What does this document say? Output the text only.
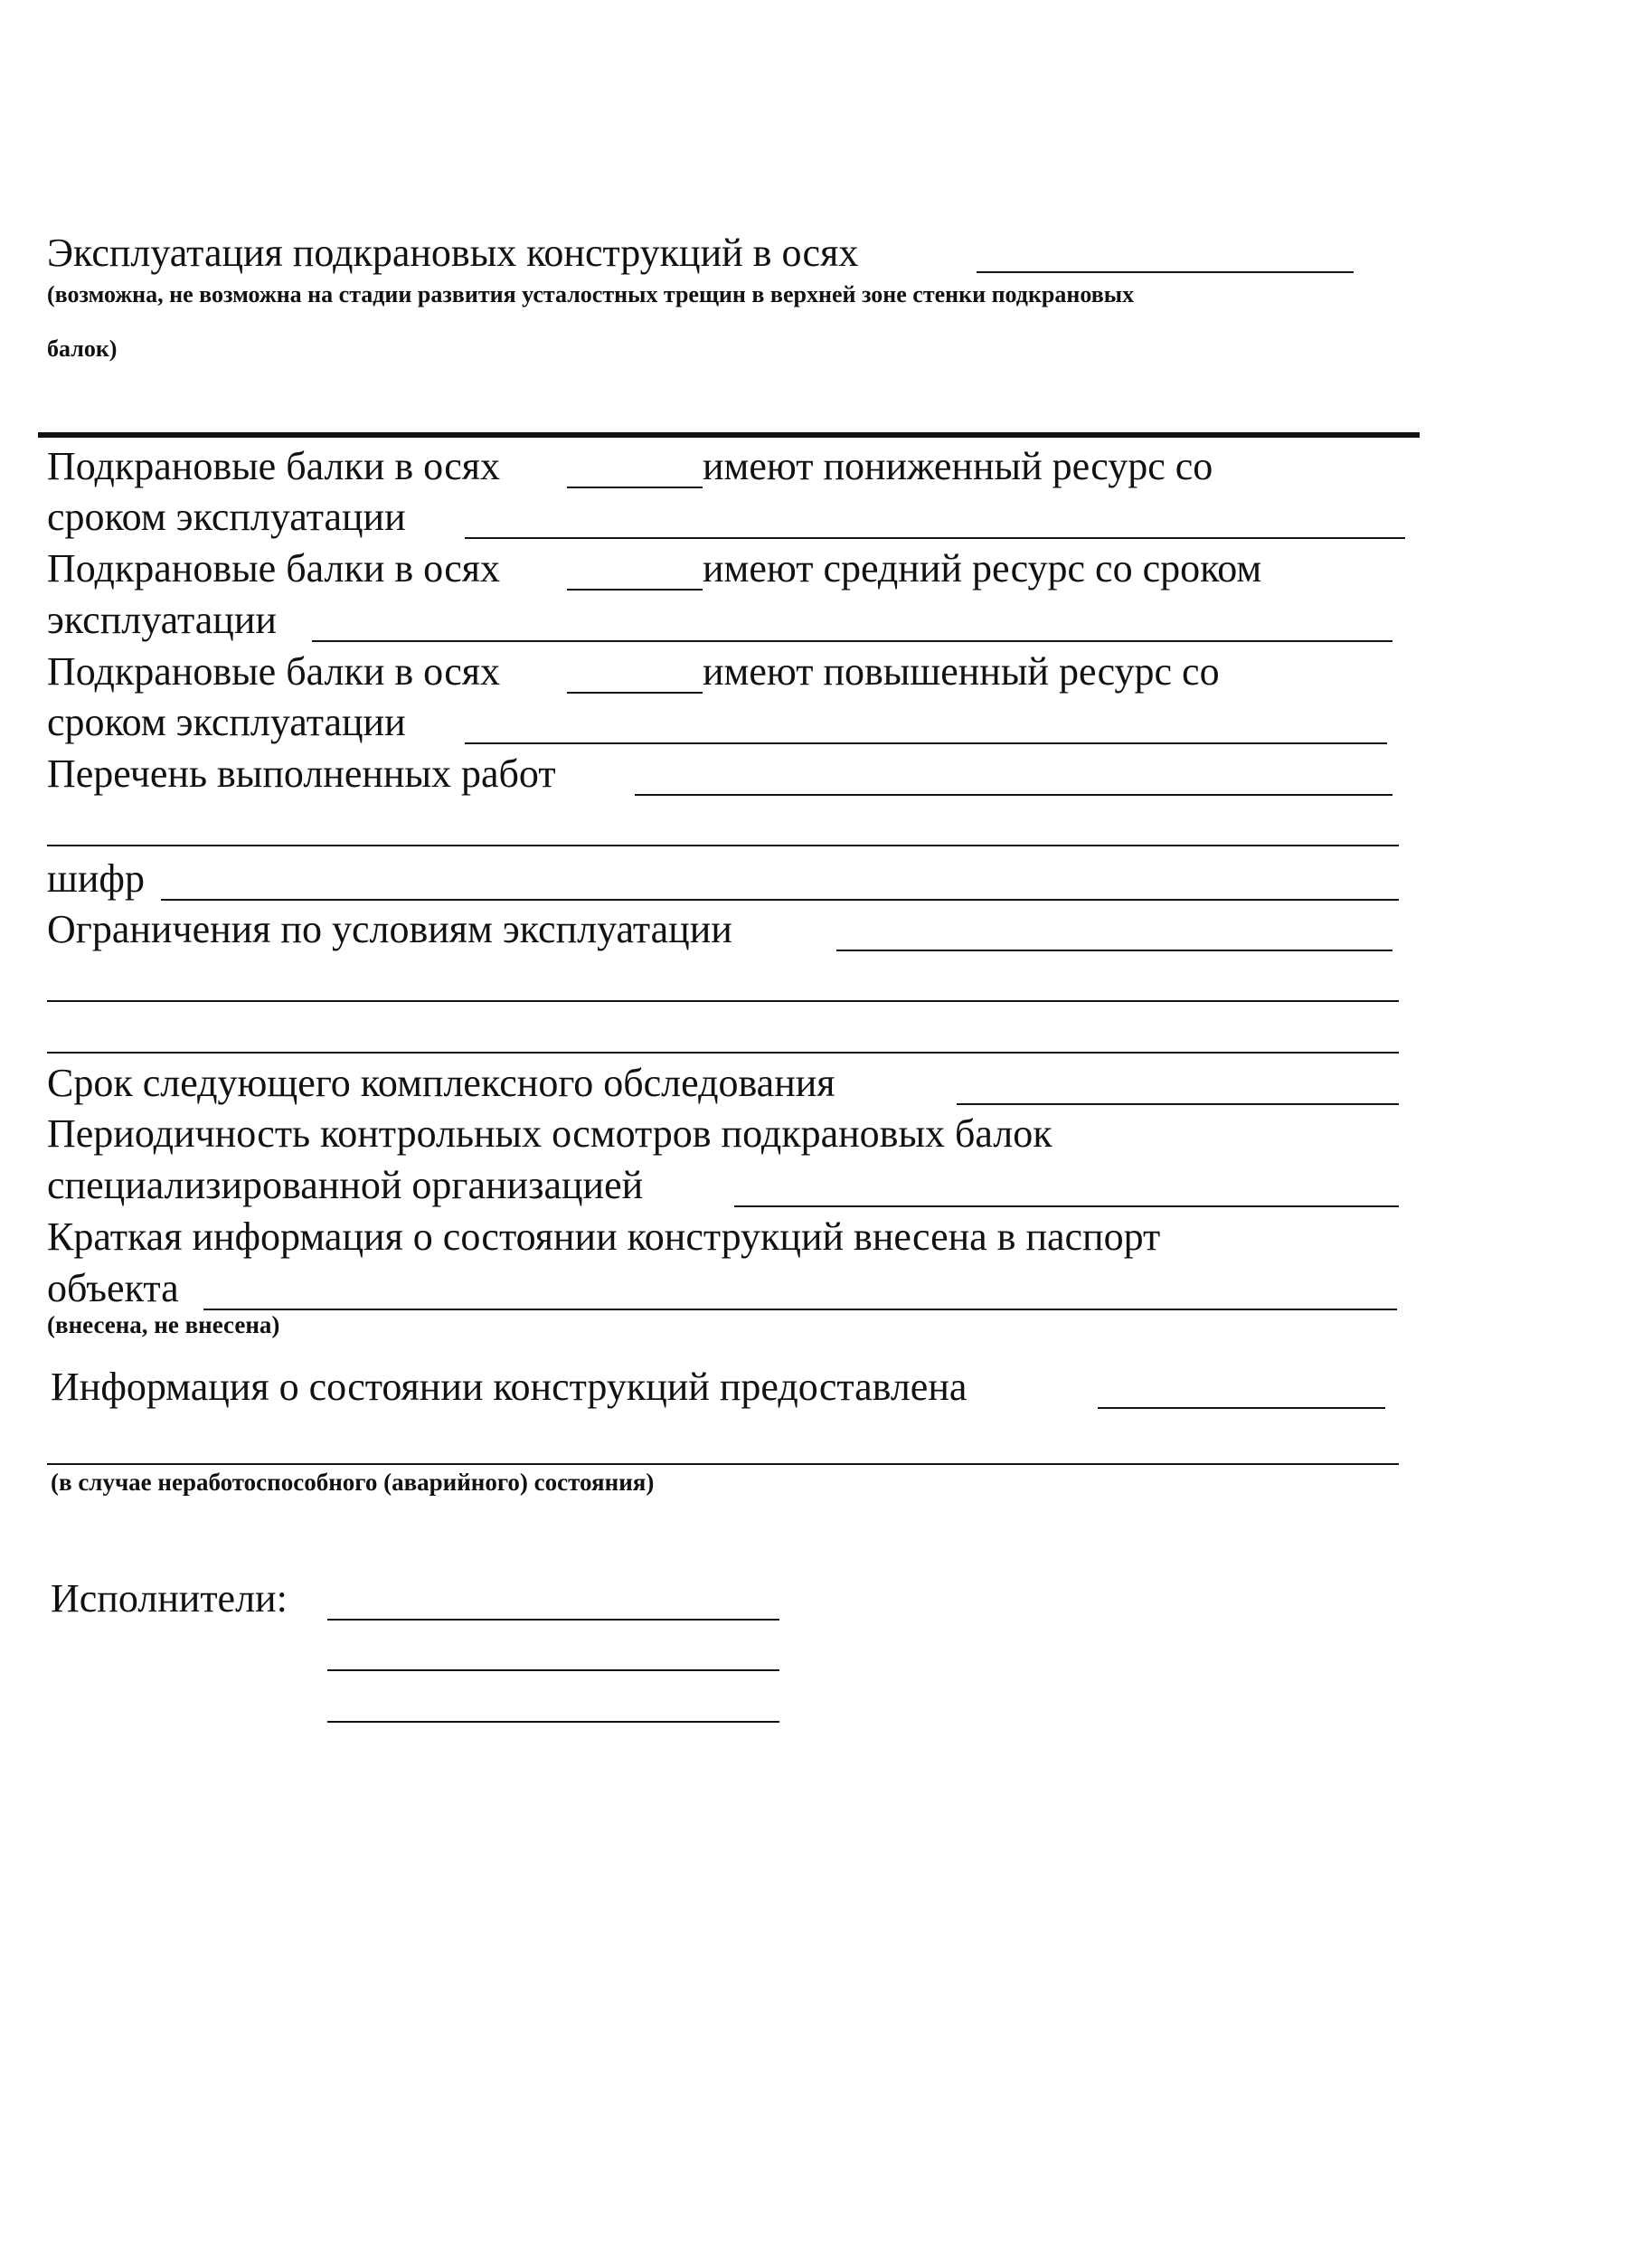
Эксплуатация подкрановых конструкций в осях
(возможна, не возможна на стадии развития усталостных трещин в верхней зоне стенки подкрановых
балок)
Подкрановые балки в осях	имеют пониженный ресурс со
сроком эксплуатации
Подкрановые балки в осях	имеют средний ресурс со сроком
эксплуатации
Подкрановые балки в осях	имеют повышенный ресурс со
сроком эксплуатации
Перечень выполненных работ
шифр
Ограничения по условиям эксплуатации
Срок следующего комплексного обследования
Периодичность контрольных осмотров подкрановых балок
специализированной организацией
Краткая информация о состоянии конструкций внесена в паспорт
объекта
(внесена, не внесена)
Информация о состоянии конструкций предоставлена
(в случае неработоспособного (аварийного) состояния)
Исполнители:
